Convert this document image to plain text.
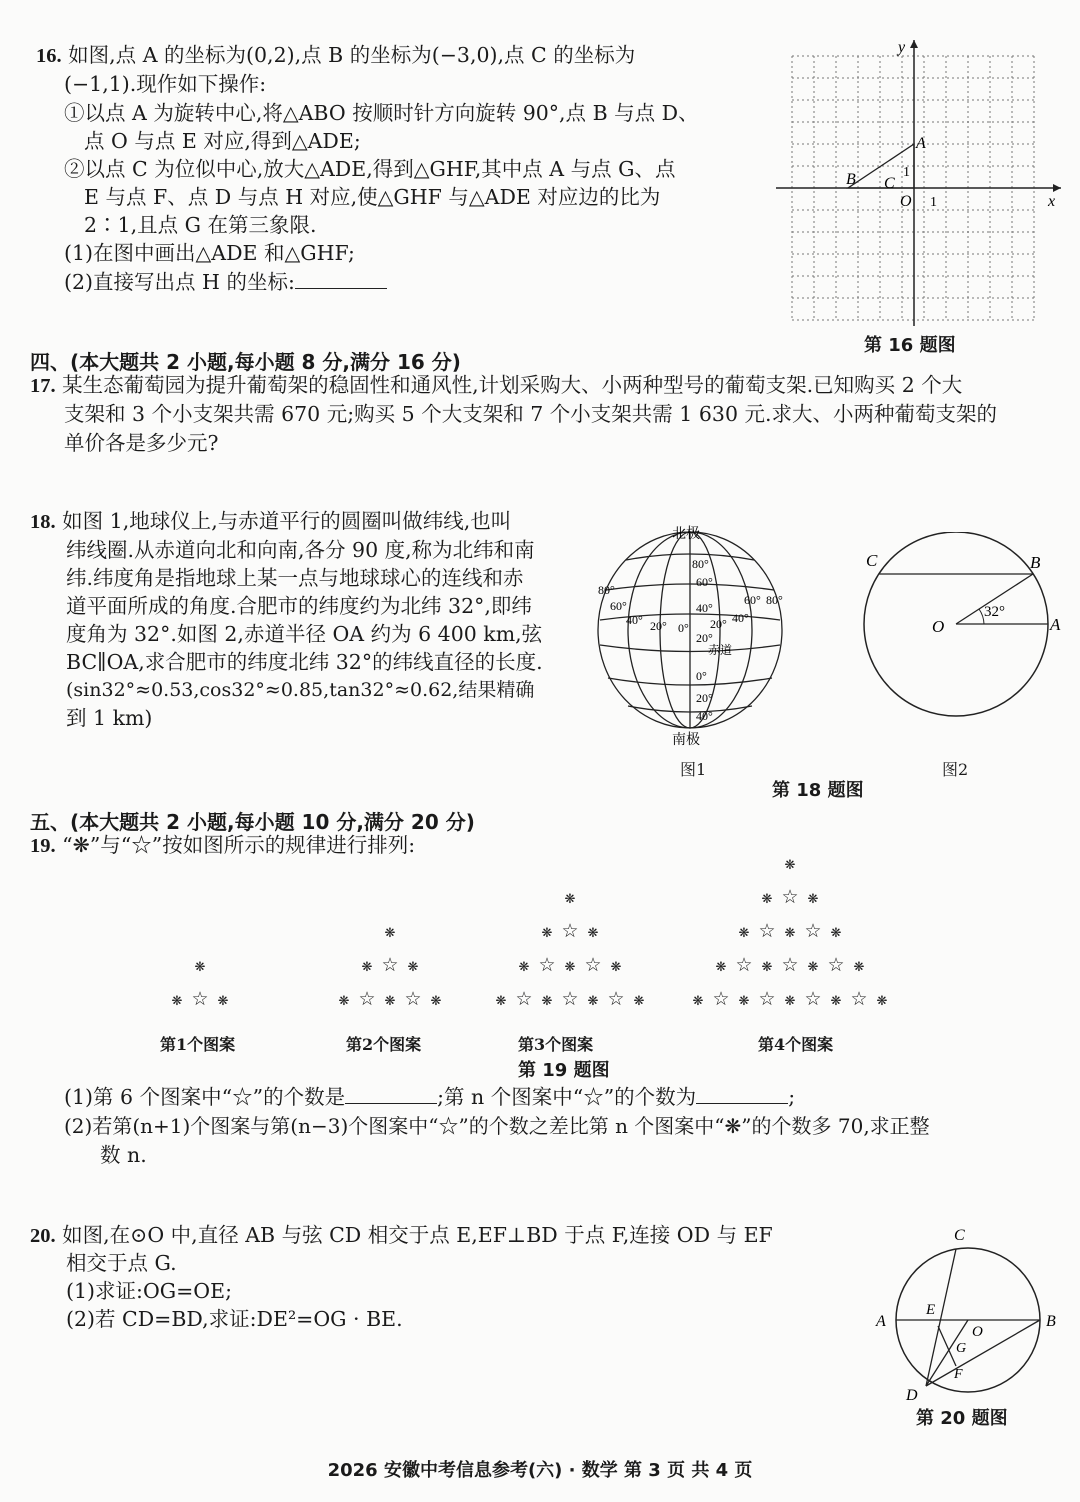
16. 如图,点 A 的坐标为(0,2),点 B 的坐标为(−3,0),点 C 的坐标为
(−1,1).现作如下操作:
①以点 A 为旋转中心,将△ABO 按顺时针方向旋转 90°,点 B 与点 D、
点 O 与点 E 对应,得到△ADE;
②以点 C 为位似中心,放大△ADE,得到△GHF,其中点 A 与点 G、点
E 与点 F、点 D 与点 H 对应,使△GHF 与△ADE 对应边的比为
2∶1,且点 G 在第三象限.
(1)在图中画出△ADE 和△GHF;
(2)直接写出点 H 的坐标:
x
y
O 1
1
A
B C
第 16 题图
四、(本大题共 2 小题,每小题 8 分,满分 16 分)
17. 某生态葡萄园为提升葡萄架的稳固性和通风性,计划采购大、小两种型号的葡萄支架.已知购买 2 个大
支架和 3 个小支架共需 670 元;购买 5 个大支架和 7 个小支架共需 1 630 元.求大、小两种葡萄支架的
单价各是多少元?
18. 如图 1,地球仪上,与赤道平行的圆圈叫做纬线,也叫
纬线圈.从赤道向北和向南,各分 90 度,称为北纬和南
纬.纬度角是指地球上某一点与地球球心的连线和赤
道平面所成的角度.合肥市的纬度约为北纬 32°,即纬
度角为 32°.如图 2,赤道半径 OA 约为 6 400 km,弦
BC∥OA,求合肥市的纬度北纬 32°的纬线直径的长度.
(sin32°≈0.53,cos32°≈0.85,tan32°≈0.62,结果精确
到 1 km)
北极
南极
赤道
80°
60°
40°
20°
80°
60°
40° 20° 0° 20° 40°
60° 80°
0°
20°
40°
图1
C	B
O	A
32°
图2
第 18 题图
五、(本大题共 2 小题,每小题 10 分,满分 20 分)
19. “❋”与“☆”按如图所示的规律进行排列:
❋
❋ ☆ ❋
❋
❋ ☆ ❋
❋ ☆ ❋ ☆ ❋
❋
❋ ☆ ❋
❋ ☆ ❋ ☆ ❋
❋ ☆ ❋ ☆ ❋ ☆ ❋
❋
❋ ☆ ❋
❋ ☆ ❋ ☆ ❋
❋ ☆ ❋ ☆ ❋ ☆ ❋
❋ ☆ ❋ ☆ ❋ ☆ ❋ ☆ ❋
第1个图案	第2个图案	第3个图案	第4个图案
第 19 题图
(1)第 6 个图案中“☆”的个数是	;第 n 个图案中“☆”的个数为	;
(2)若第(n+1)个图案与第(n−3)个图案中“☆”的个数之差比第 n 个图案中“❋”的个数多 70,求正整
数 n.
20. 如图,在⊙O 中,直径 AB 与弦 CD 相交于点 E,EF⊥BD 于点 F,连接 OD 与 EF
相交于点 G.
(1)求证:OG=OE;
(2)若 CD=BD,求证:DE²=OG · BE.
C
A	B
E
O
G
F
D
第 20 题图
2026 安徽中考信息参考(六) · 数学 第 3 页 共 4 页
